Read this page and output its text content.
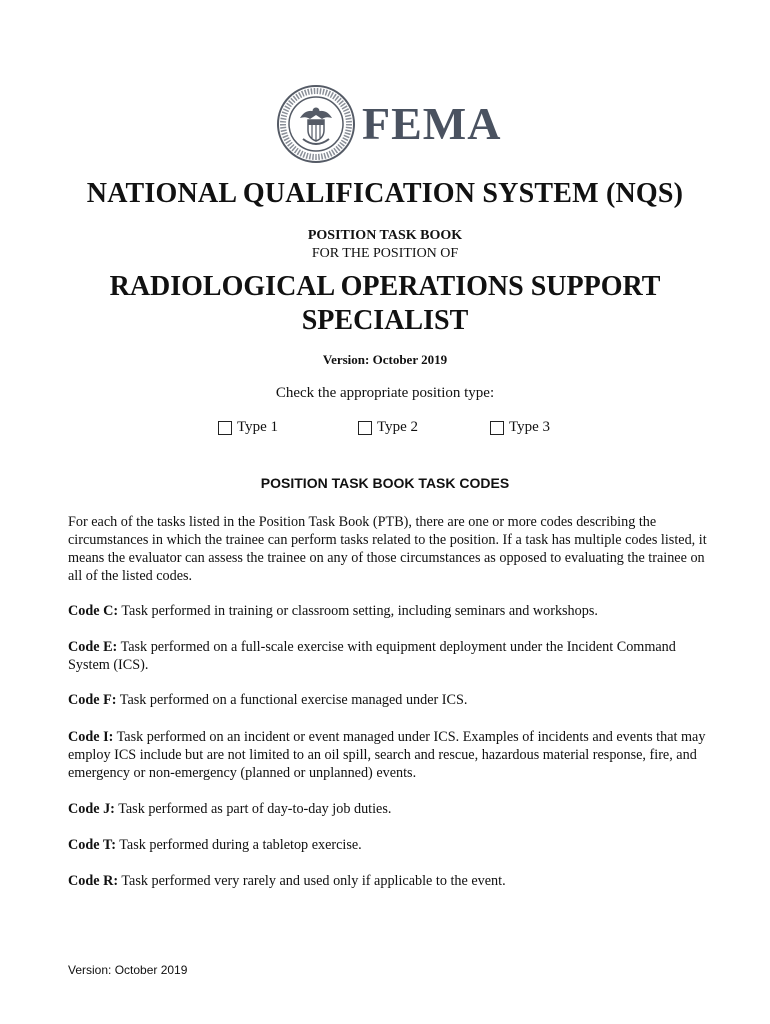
FEMA
NATIONAL QUALIFICATION SYSTEM (NQS)
POSITION TASK BOOK
FOR THE POSITION OF
RADIOLOGICAL OPERATIONS SUPPORT SPECIALIST
Version: October 2019
Check the appropriate position type:
Type 1	Type 2	Type 3
POSITION TASK BOOK TASK CODES

For each of the tasks listed in the Position Task Book (PTB), there are one or more codes describing the circumstances in which the trainee can perform tasks related to the position. If a task has multiple codes listed, it means the evaluator can assess the trainee on any of those circumstances as opposed to evaluating the trainee on all of the listed codes.

Code C: Task performed in training or classroom setting, including seminars and workshops.

Code E: Task performed on a full-scale exercise with equipment deployment under the Incident Command System (ICS).

Code F: Task performed on a functional exercise managed under ICS.

Code I: Task performed on an incident or event managed under ICS. Examples of incidents and events that may employ ICS include but are not limited to an oil spill, search and rescue, hazardous material response, fire, and emergency or non-emergency (planned or unplanned) events.

Code J: Task performed as part of day-to-day job duties.

Code T: Task performed during a tabletop exercise.

Code R: Task performed very rarely and used only if applicable to the event.

Version: October 2019
